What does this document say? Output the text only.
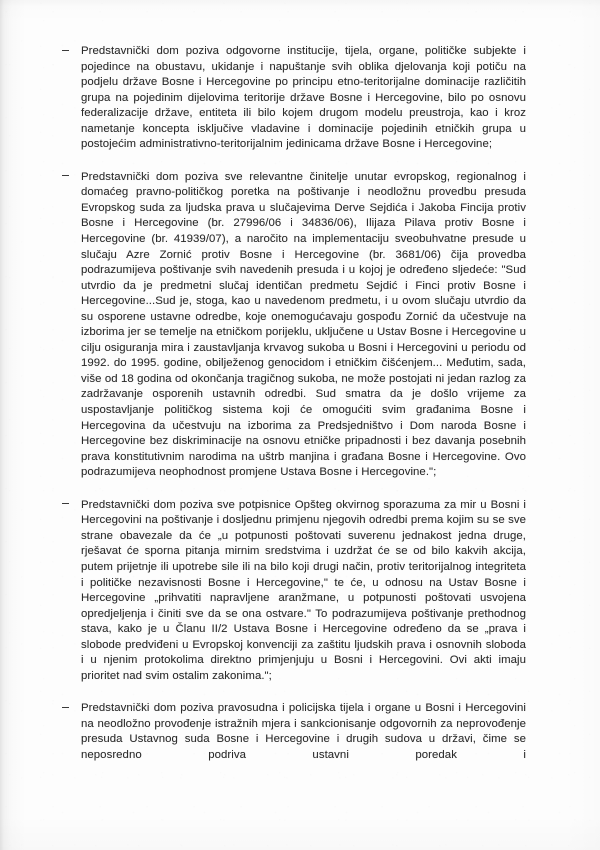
Predstavnički dom poziva odgovorne institucije, tijela, organe, političke subjekte i pojedince na obustavu, ukidanje i napuštanje svih oblika djelovanja koji potiču na podjelu države Bosne i Hercegovine po principu etno-teritorijalne dominacije različitih grupa na pojedinim dijelovima teritorije države Bosne i Hercegovine, bilo po osnovu federalizacije države, entiteta ili bilo kojem drugom modelu preustroja, kao i kroz nametanje koncepta isključive vladavine i dominacije pojedinih etničkih grupa u postojećim administrativno-teritorijalnim jedinicama države Bosne i Hercegovine;
Predstavnički dom poziva sve relevantne činitelje unutar evropskog, regionalnog i domaćeg pravno-političkog poretka na poštivanje i neodložnu provedbu presuda Evropskog suda za ljudska prava u slučajevima Derve Sejdića i Jakoba Fincija protiv Bosne i Hercegovine (br. 27996/06 i 34836/06), Ilijaza Pilava protiv Bosne i Hercegovine (br. 41939/07), a naročito na implementaciju sveobuhvatne presude u slučaju Azre Zornić protiv Bosne i Hercegovine (br. 3681/06) čija provedba podrazumijeva poštivanje svih navedenih presuda i u kojoj je određeno sljedeće: "Sud utvrdio da je predmetni slučaj identičan predmetu Sejdić i Finci protiv Bosne i Hercegovine...Sud je, stoga, kao u navedenom predmetu, i u ovom slučaju utvrdio da su osporene ustavne odredbe, koje onemogućavaju gospođu Zornić da učestvuje na izborima jer se temelje na etničkom porijeklu, uključene u Ustav Bosne i Hercegovine u cilju osiguranja mira i zaustavljanja krvavog sukoba u Bosni i Hercegovini u periodu od 1992. do 1995. godine, obilježenog genocidom i etničkim čišćenjem... Međutim, sada, više od 18 godina od okončanja tragičnog sukoba, ne može postojati ni jedan razlog za zadržavanje osporenih ustavnih odredbi. Sud smatra da je došlo vrijeme za uspostavljanje političkog sistema koji će omogućiti svim građanima Bosne i Hercegovina da učestvuju na izborima za Predsjedništvo i Dom naroda Bosne i Hercegovine bez diskriminacije na osnovu etničke pripadnosti i bez davanja posebnih prava konstitutivnim narodima na uštrb manjina i građana Bosne i Hercegovine. Ovo podrazumijeva neophodnost promjene Ustava Bosne i Hercegovine.";
Predstavnički dom poziva sve potpisnice Opšteg okvirnog sporazuma za mir u Bosni i Hercegovini na poštivanje i dosljednu primjenu njegovih odredbi prema kojim su se sve strane obavezale da će „u potpunosti poštovati suverenu jednakost jedna druge, rješavat će sporna pitanja mirnim sredstvima i uzdržat će se od bilo kakvih akcija, putem prijetnje ili upotrebe sile ili na bilo koji drugi način, protiv teritorijalnog integriteta i političke nezavisnosti Bosne i Hercegovine," te će, u odnosu na Ustav Bosne i Hercegovine „prihvatiti napravljene aranžmane, u potpunosti poštovati usvojena opredjeljenja i činiti sve da se ona ostvare." To podrazumijeva poštivanje prethodnog stava, kako je u Članu II/2 Ustava Bosne i Hercegovine određeno da se „prava i slobode predviđeni u Evropskoj konvenciji za zaštitu ljudskih prava i osnovnih sloboda i u njenim protokolima direktno primjenjuju u Bosni i Hercegovini. Ovi akti imaju prioritet nad svim ostalim zakonima.";
Predstavnički dom poziva pravosudna i policijska tijela i organe u Bosni i Hercegovini na neodložno provođenje istražnih mjera i sankcionisanje odgovornih za neprovođenje presuda Ustavnog suda Bosne i Hercegovine i drugih sudova u državi, čime se neposredno podriva ustavni poredak i
